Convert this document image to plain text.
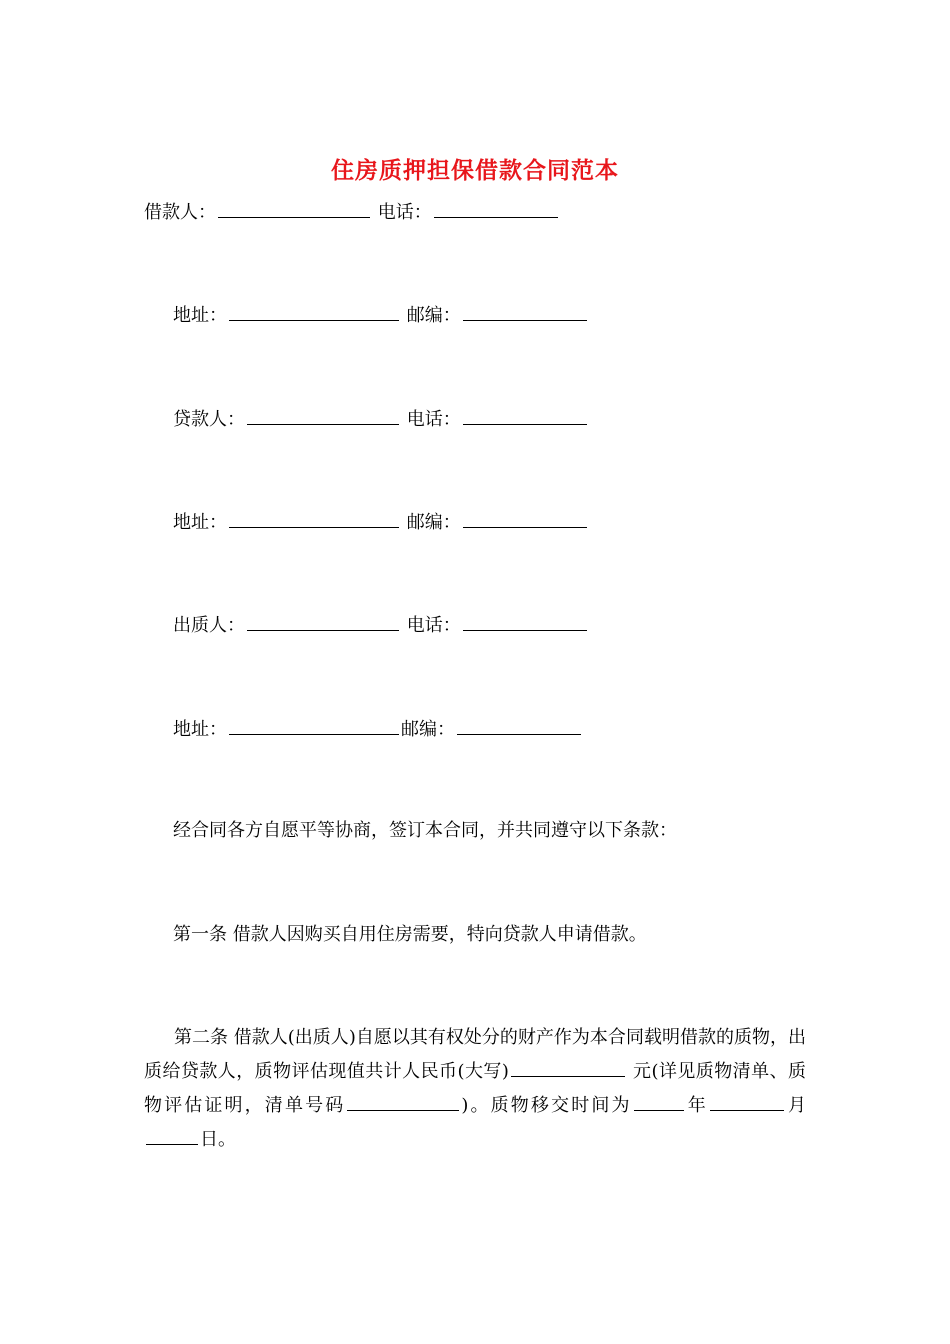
住房质押担保借款合同范本

借款人：	电话：

地址：	邮编：

贷款人：	电话：

地址：	邮编：

出质人：	电话：

地址：	邮编：

经合同各方自愿平等协商，签订本合同，并共同遵守以下条款：

第一条 借款人因购买自用住房需要，特向贷款人申请借款。

第二条 借款人(出质人)自愿以其有权处分的财产作为本合同载明借款的质物，出质给贷款人，质物评估现值共计人民币(大写)	元(详见质物清单、质物评估证明，清单号码	)。质物移交时间为	年	月日。
